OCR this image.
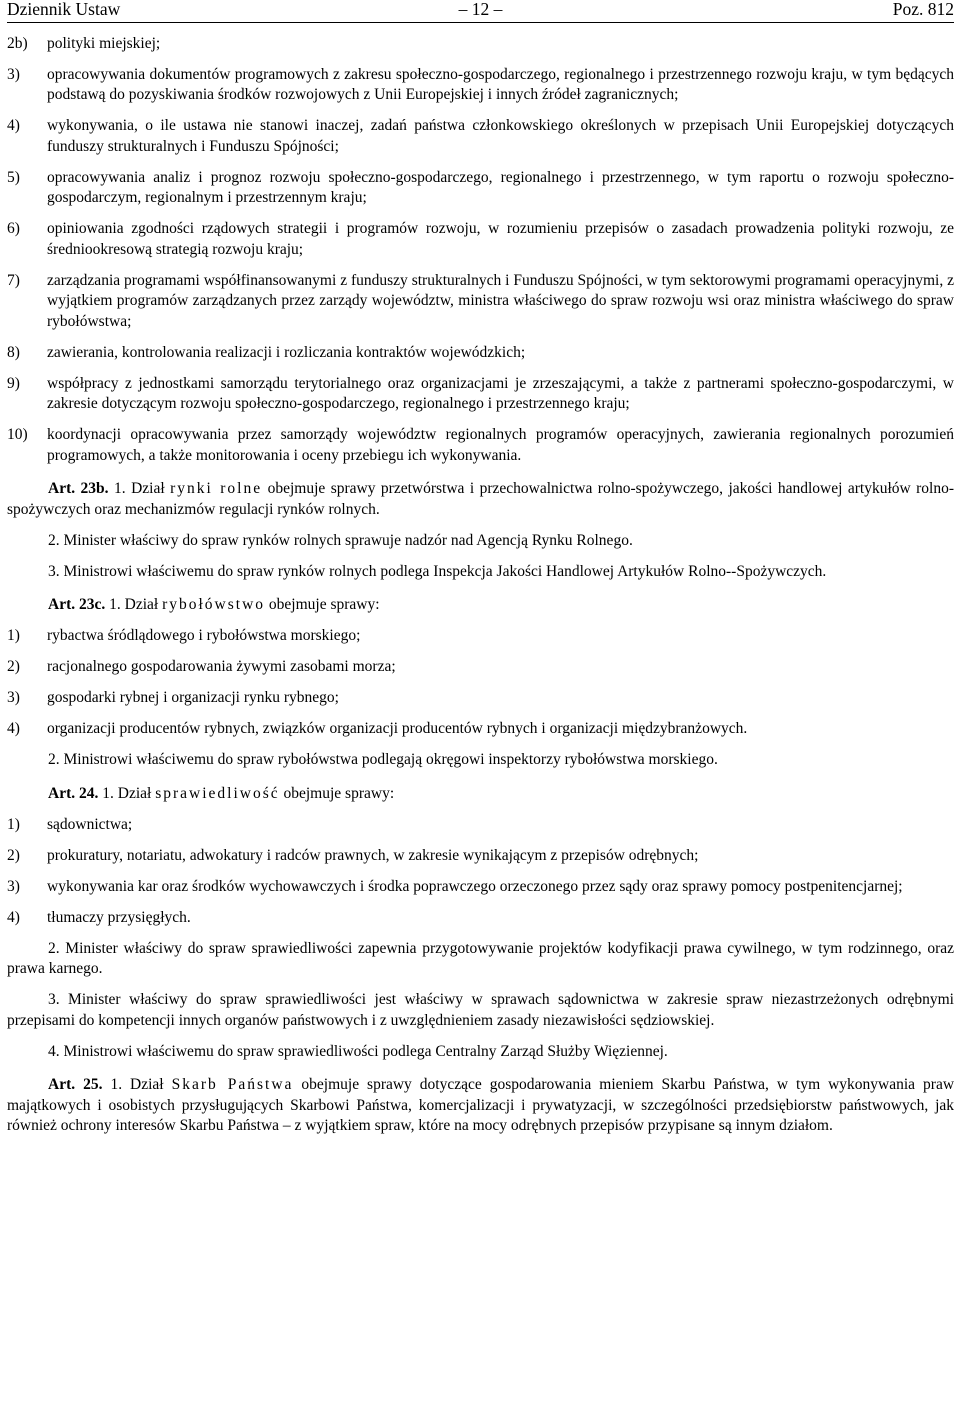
Dziennik Ustaw	– 12 –	Poz. 812
2b) polityki miejskiej;
3) opracowywania dokumentów programowych z zakresu społeczno-gospodarczego, regionalnego i przestrzennego rozwoju kraju, w tym będących podstawą do pozyskiwania środków rozwojowych z Unii Europejskiej i innych źródeł zagranicznych;
4) wykonywania, o ile ustawa nie stanowi inaczej, zadań państwa członkowskiego określonych w przepisach Unii Europejskiej dotyczących funduszy strukturalnych i Funduszu Spójności;
5) opracowywania analiz i prognoz rozwoju społeczno-gospodarczego, regionalnego i przestrzennego, w tym raportu o rozwoju społeczno-gospodarczym, regionalnym i przestrzennym kraju;
6) opiniowania zgodności rządowych strategii i programów rozwoju, w rozumieniu przepisów o zasadach prowadzenia polityki rozwoju, ze średniookresową strategią rozwoju kraju;
7) zarządzania programami współfinansowanymi z funduszy strukturalnych i Funduszu Spójności, w tym sektorowymi programami operacyjnymi, z wyjątkiem programów zarządzanych przez zarządy województw, ministra właściwego do spraw rozwoju wsi oraz ministra właściwego do spraw rybołówstwa;
8) zawierania, kontrolowania realizacji i rozliczania kontraktów wojewódzkich;
9) współpracy z jednostkami samorządu terytorialnego oraz organizacjami je zrzeszającymi, a także z partnerami społeczno-gospodarczymi, w zakresie dotyczącym rozwoju społeczno-gospodarczego, regionalnego i przestrzennego kraju;
10) koordynacji opracowywania przez samorządy województw regionalnych programów operacyjnych, zawierania regionalnych porozumień programowych, a także monitorowania i oceny przebiegu ich wykonywania.
Art. 23b. 1. Dział rynki rolne obejmuje sprawy przetwórstwa i przechowalnictwa rolno-spożywczego, jakości handlowej artykułów rolno-spożywczych oraz mechanizmów regulacji rynków rolnych.
2. Minister właściwy do spraw rynków rolnych sprawuje nadzór nad Agencją Rynku Rolnego.
3. Ministrowi właściwemu do spraw rynków rolnych podlega Inspekcja Jakości Handlowej Artykułów Rolno--Spożywczych.
Art. 23c. 1. Dział rybołówstwo obejmuje sprawy:
1) rybactwa śródlądowego i rybołówstwa morskiego;
2) racjonalnego gospodarowania żywymi zasobami morza;
3) gospodarki rybnej i organizacji rynku rybnego;
4) organizacji producentów rybnych, związków organizacji producentów rybnych i organizacji międzybranżowych.
2. Ministrowi właściwemu do spraw rybołówstwa podlegają okręgowi inspektorzy rybołówstwa morskiego.
Art. 24. 1. Dział sprawiedliwość obejmuje sprawy:
1) sądownictwa;
2) prokuratury, notariatu, adwokatury i radców prawnych, w zakresie wynikającym z przepisów odrębnych;
3) wykonywania kar oraz środków wychowawczych i środka poprawczego orzeczonego przez sądy oraz sprawy pomocy postpenitencjarnej;
4) tłumaczy przysięgłych.
2. Minister właściwy do spraw sprawiedliwości zapewnia przygotowywanie projektów kodyfikacji prawa cywilnego, w tym rodzinnego, oraz prawa karnego.
3. Minister właściwy do spraw sprawiedliwości jest właściwy w sprawach sądownictwa w zakresie spraw niezastrzeżonych odrębnymi przepisami do kompetencji innych organów państwowych i z uwzględnieniem zasady niezawisłości sędziowskiej.
4. Ministrowi właściwemu do spraw sprawiedliwości podlega Centralny Zarząd Służby Więziennej.
Art. 25. 1. Dział Skarb Państwa obejmuje sprawy dotyczące gospodarowania mieniem Skarbu Państwa, w tym wykonywania praw majątkowych i osobistych przysługujących Skarbowi Państwa, komercjalizacji i prywatyzacji, w szczególności przedsiębiorstw państwowych, jak również ochrony interesów Skarbu Państwa – z wyjątkiem spraw, które na mocy odrębnych przepisów przypisane są innym działom.
